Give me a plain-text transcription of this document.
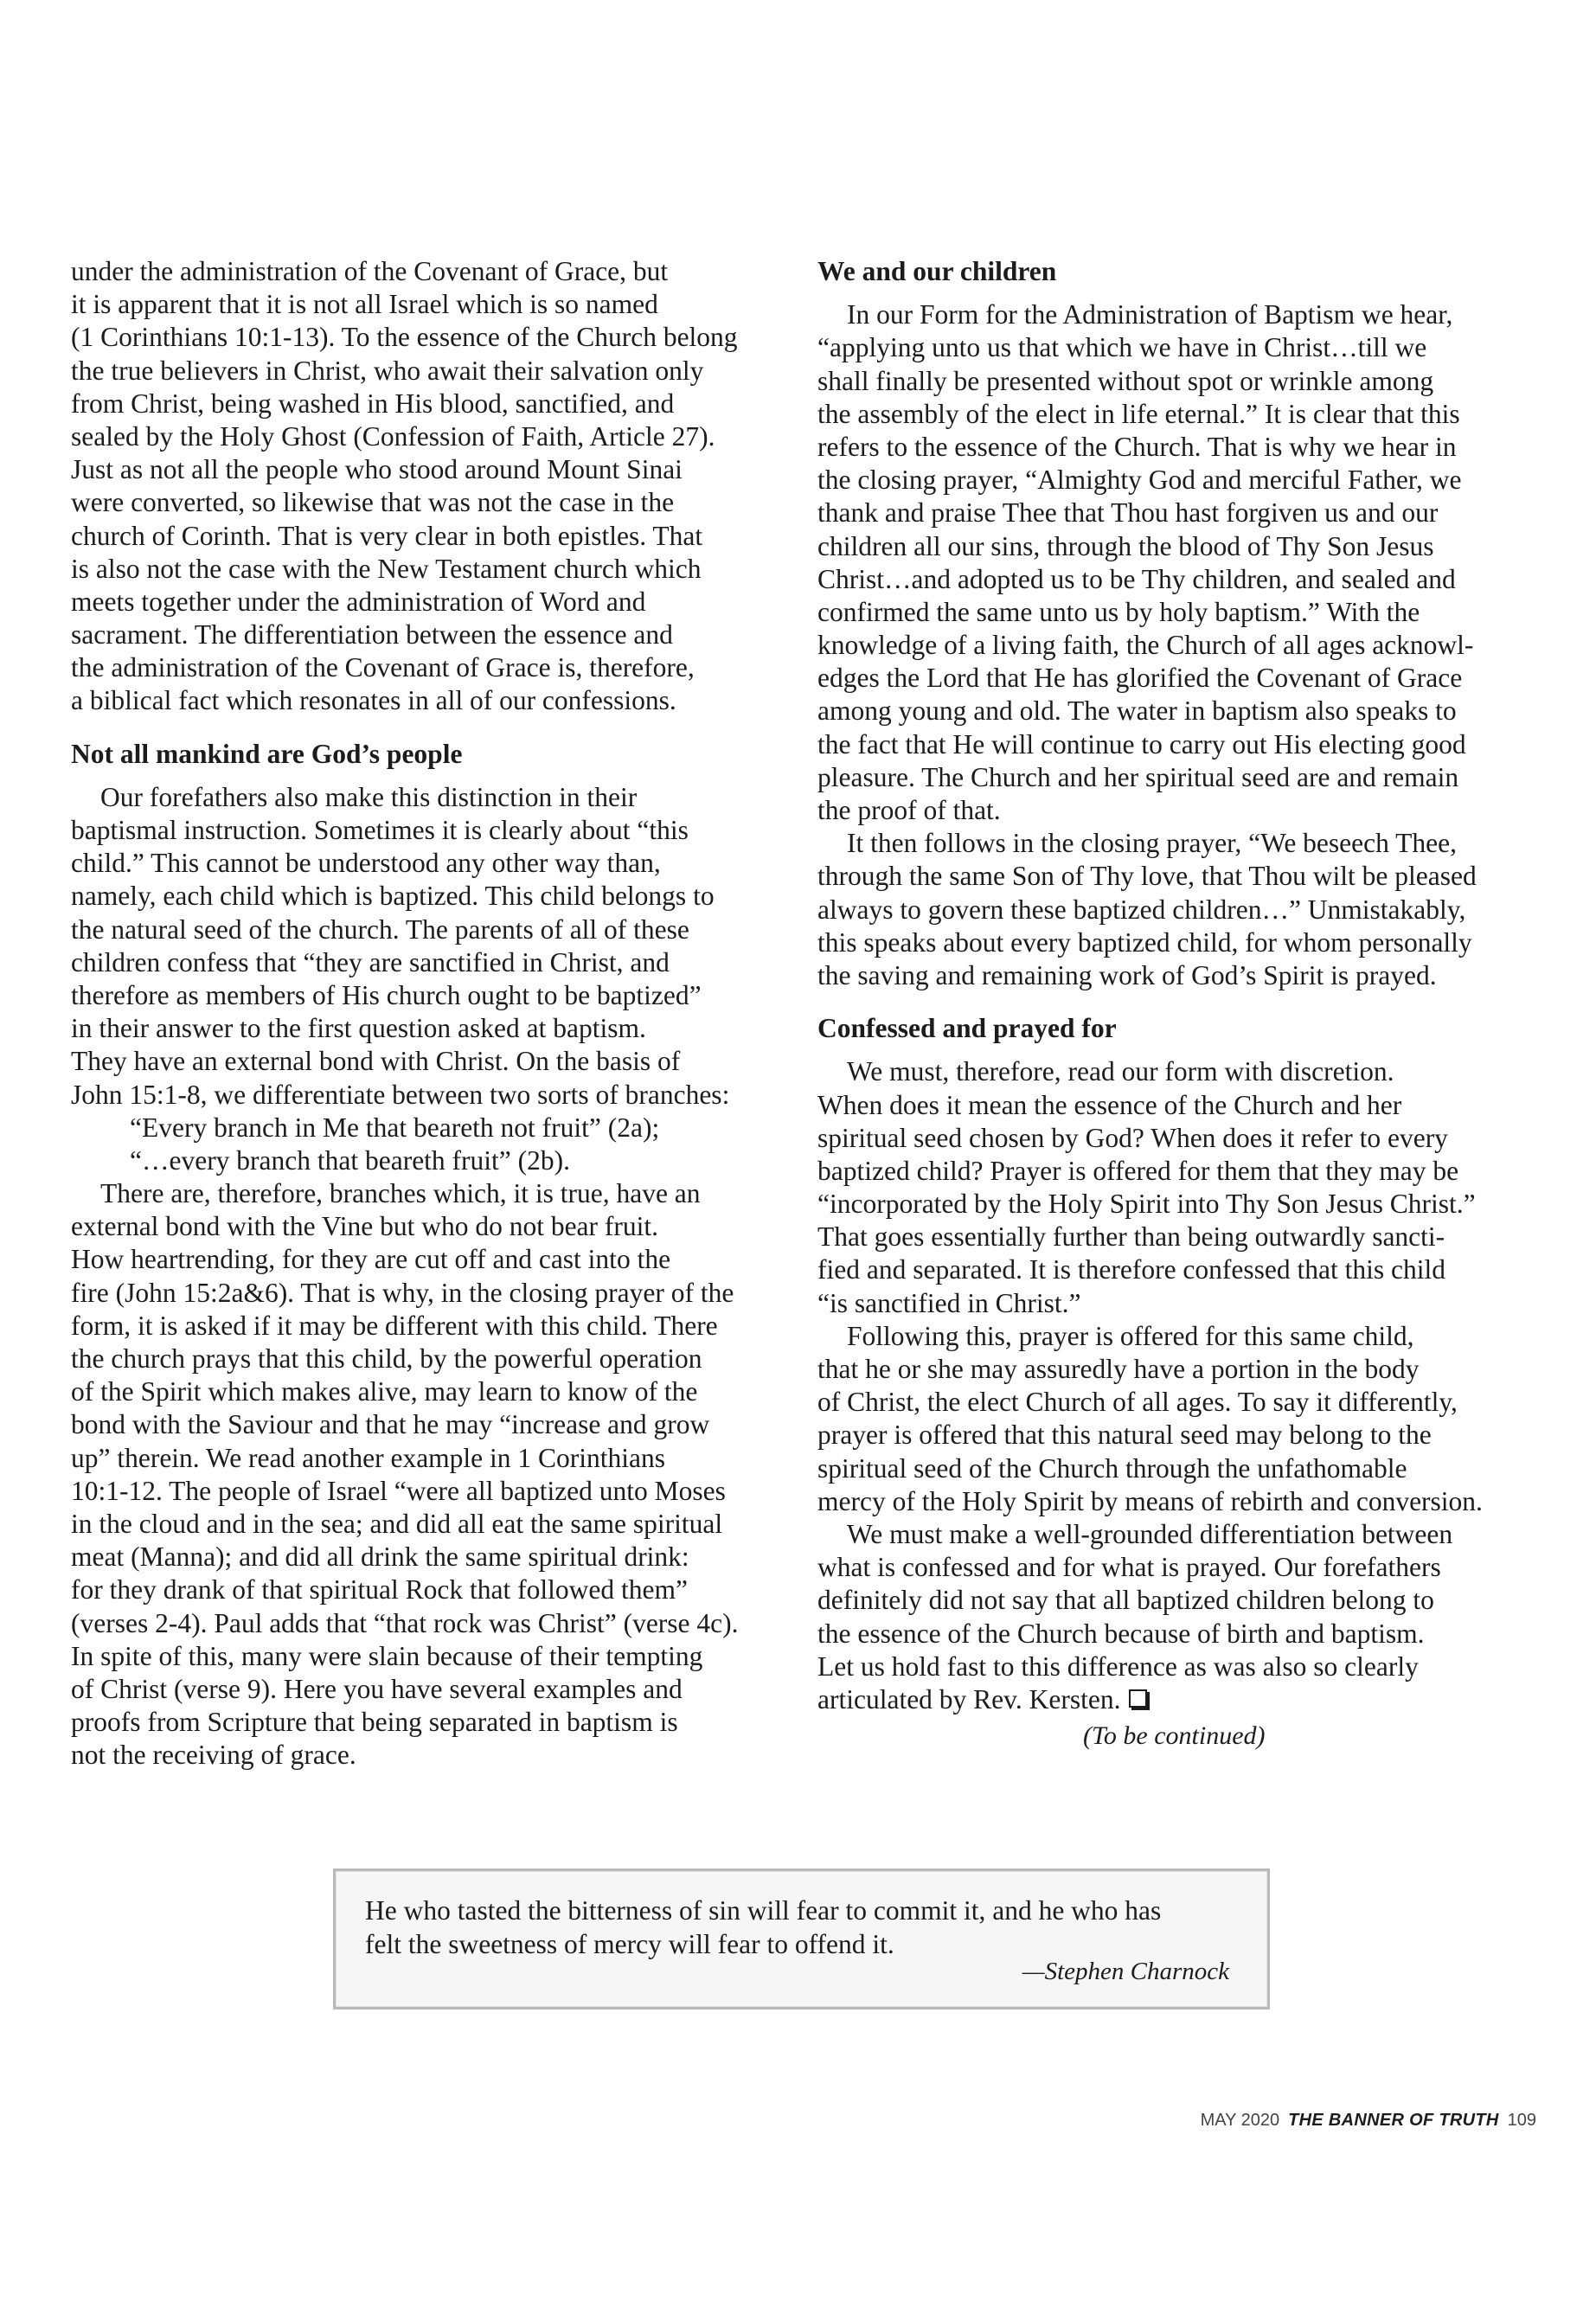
under the administration of the Covenant of Grace, but
it is apparent that it is not all Israel which is so named
(1 Corinthians 10:1-13). To the essence of the Church belong
the true believers in Christ, who await their salvation only
from Christ, being washed in His blood, sanctified, and
sealed by the Holy Ghost (Confession of Faith, Article 27).
Just as not all the people who stood around Mount Sinai
were converted, so likewise that was not the case in the
church of Corinth. That is very clear in both epistles. That
is also not the case with the New Testament church which
meets together under the administration of Word and
sacrament. The differentiation between the essence and
the administration of the Covenant of Grace is, therefore,
a biblical fact which resonates in all of our confessions.
Not all mankind are God’s people
Our forefathers also make this distinction in their
baptismal instruction. Sometimes it is clearly about “this
child.” This cannot be understood any other way than,
namely, each child which is baptized. This child belongs to
the natural seed of the church. The parents of all of these
children confess that “they are sanctified in Christ, and
therefore as members of His church ought to be baptized”
in their answer to the first question asked at baptism.
They have an external bond with Christ. On the basis of
John 15:1-8, we differentiate between two sorts of branches:
“Every branch in Me that beareth not fruit” (2a);
“…every branch that beareth fruit” (2b).
There are, therefore, branches which, it is true, have an
external bond with the Vine but who do not bear fruit.
How heartrending, for they are cut off and cast into the
fire (John 15:2a&6). That is why, in the closing prayer of the
form, it is asked if it may be different with this child. There
the church prays that this child, by the powerful operation
of the Spirit which makes alive, may learn to know of the
bond with the Saviour and that he may “increase and grow
up” therein. We read another example in 1 Corinthians
10:1-12. The people of Israel “were all baptized unto Moses
in the cloud and in the sea; and did all eat the same spiritual
meat (Manna); and did all drink the same spiritual drink:
for they drank of that spiritual Rock that followed them”
(verses 2-4). Paul adds that “that rock was Christ” (verse 4c).
In spite of this, many were slain because of their tempting
of Christ (verse 9). Here you have several examples and
proofs from Scripture that being separated in baptism is
not the receiving of grace.
We and our children
In our Form for the Administration of Baptism we hear,
“applying unto us that which we have in Christ…till we
shall finally be presented without spot or wrinkle among
the assembly of the elect in life eternal.” It is clear that this
refers to the essence of the Church. That is why we hear in
the closing prayer, “Almighty God and merciful Father, we
thank and praise Thee that Thou hast forgiven us and our
children all our sins, through the blood of Thy Son Jesus
Christ…and adopted us to be Thy children, and sealed and
confirmed the same unto us by holy baptism.” With the
knowledge of a living faith, the Church of all ages acknowl-
edges the Lord that He has glorified the Covenant of Grace
among young and old. The water in baptism also speaks to
the fact that He will continue to carry out His electing good
pleasure. The Church and her spiritual seed are and remain
the proof of that.
It then follows in the closing prayer, “We beseech Thee,
through the same Son of Thy love, that Thou wilt be pleased
always to govern these baptized children…” Unmistakably,
this speaks about every baptized child, for whom personally
the saving and remaining work of God’s Spirit is prayed.
Confessed and prayed for
We must, therefore, read our form with discretion.
When does it mean the essence of the Church and her
spiritual seed chosen by God? When does it refer to every
baptized child? Prayer is offered for them that they may be
“incorporated by the Holy Spirit into Thy Son Jesus Christ.”
That goes essentially further than being outwardly sancti-
fied and separated. It is therefore confessed that this child
“is sanctified in Christ.”
Following this, prayer is offered for this same child,
that he or she may assuredly have a portion in the body
of Christ, the elect Church of all ages. To say it differently,
prayer is offered that this natural seed may belong to the
spiritual seed of the Church through the unfathomable
mercy of the Holy Spirit by means of rebirth and conversion.
We must make a well-grounded differentiation between
what is confessed and for what is prayed. Our forefathers
definitely did not say that all baptized children belong to
the essence of the Church because of birth and baptism.
Let us hold fast to this difference as was also so clearly
articulated by Rev. Kersten.
(To be continued)
He who tasted the bitterness of sin will fear to commit it, and he who has
felt the sweetness of mercy will fear to offend it.
—Stephen Charnock
MAY 2020 THE BANNER OF TRUTH 109
